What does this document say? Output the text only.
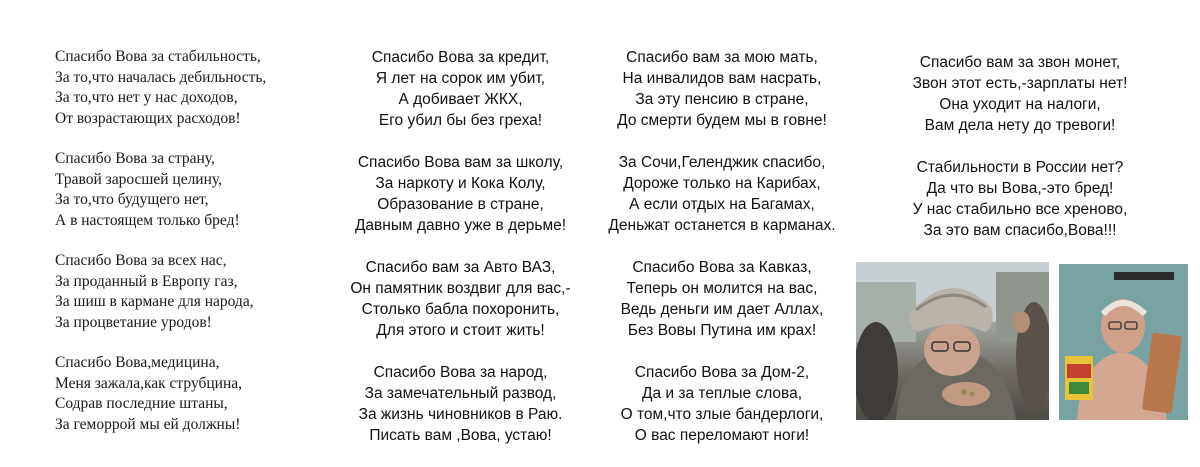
Спасибо Вова за стабильность,
За то,что началась дебильность,
За то,что нет у нас доходов,
От возрастающих расходов!
Спасибо Вова за страну,
Травой заросшей целину,
За то,что будущего нет,
А в настоящем только бред!
Спасибо Вова за всех нас,
За проданный в Европу газ,
За шиш в кармане для народа,
За процветание уродов!
Спасибо Вова,медицина,
Меня зажала,как струбцина,
Содрав последние штаны,
За геморрой мы ей должны!
Спасибо Вова за кредит,
Я лет на сорок им убит,
А добивает ЖКХ,
Его убил бы без греха!
Спасибо Вова вам за школу,
За наркоту и Кока Колу,
Образование в стране,
Давным давно уже в дерьме!
Спасибо вам за Авто ВАЗ,
Он памятник воздвиг для вас,-
Столько бабла похоронить,
Для этого и стоит жить!
Спасибо Вова за народ,
За замечательный развод,
За жизнь чиновников в Раю.
Писать вам ,Вова, устаю!
Спасибо вам за мою мать,
На инвалидов вам насрать,
За эту пенсию в стране,
До смерти будем мы в говне!
За Сочи,Геленджик спасибо,
Дороже только на Карибах,
А если отдых на Багамах,
Деньжат останется в карманах.
Спасибо Вова за Кавказ,
Теперь он молится на вас,
Ведь деньги им дает Аллах,
Без Вовы Путина им крах!
Спасибо Вова за Дом-2,
Да и за теплые слова,
О том,что злые бандерлоги,
О вас переломают ноги!
Спасибо вам за звон монет,
Звон этот есть,-зарплаты нет!
Она уходит на налоги,
Вам дела нету до тревоги!
Стабильности в России нет?
Да что вы Вова,-это бред!
У нас стабильно все хреново,
За это вам спасибо,Вова!!!
